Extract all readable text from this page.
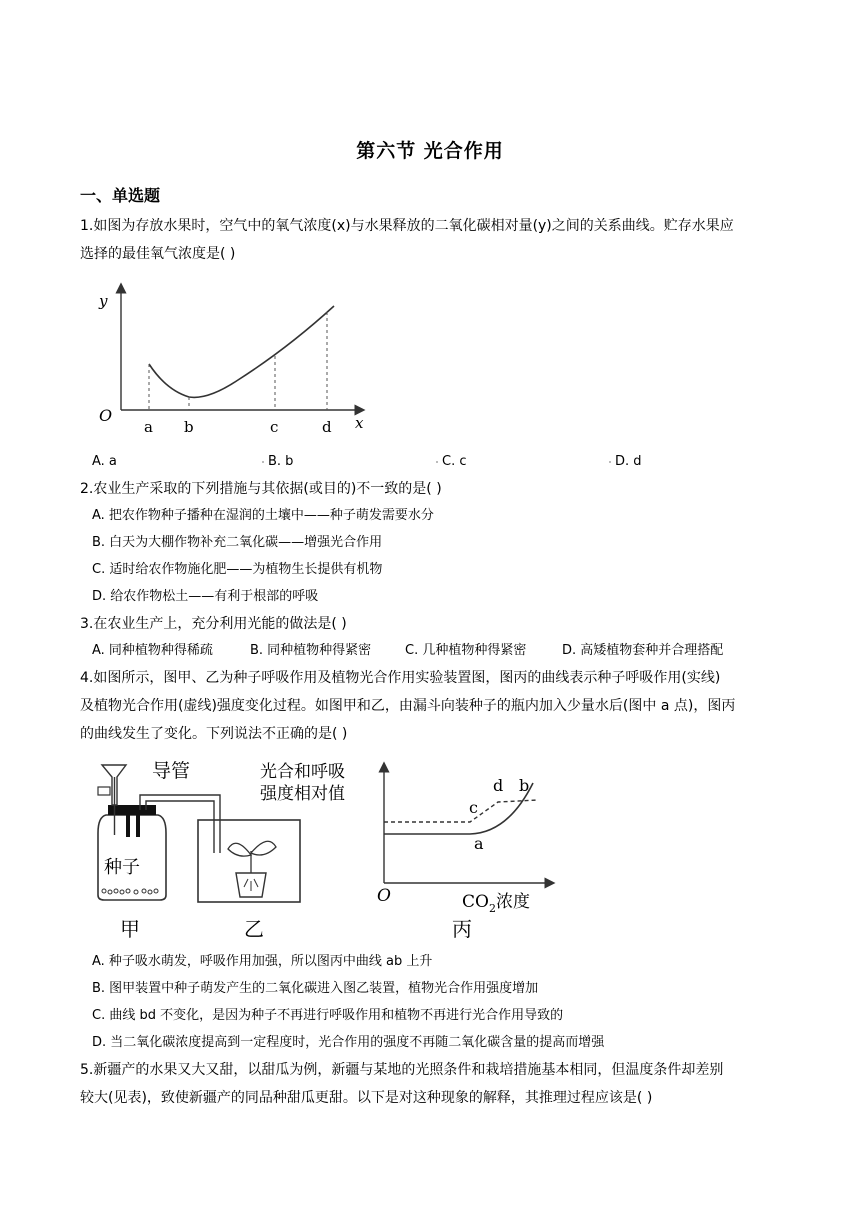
第六节 光合作用
一、单选题
1.如图为存放水果时，空气中的氧气浓度(x)与水果释放的二氧化碳相对量(y)之间的关系曲线。贮存水果应
选择的最佳氧气浓度是( )
y
O	x
a b	c	d
A. a	B. b	C. c	D. d
2.农业生产采取的下列措施与其依据(或目的)不一致的是( )
A. 把农作物种子播种在湿润的土壤中——种子萌发需要水分
B. 白天为大棚作物补充二氧化碳——增强光合作用
C. 适时给农作物施化肥——为植物生长提供有机物
D. 给农作物松土——有利于根部的呼吸
3.在农业生产上，充分利用光能的做法是( )
A. 同种植物种得稀疏	B. 同种植物种得紧密	C. 几种植物种得紧密	D. 高矮植物套种并合理搭配
4.如图所示，图甲、乙为种子呼吸作用及植物光合作用实验装置图，图丙的曲线表示种子呼吸作用(实线)
及植物光合作用(虚线)强度变化过程。如图甲和乙，由漏斗向装种子的瓶内加入少量水后(图中 a 点)，图丙
的曲线发生了变化。下列说法不正确的是( )
导管
种子
甲	乙
光合和呼吸
强度相对值
O
a
b
c
d
$CO_2$浓度
丙
A. 种子吸水萌发，呼吸作用加强，所以图丙中曲线 ab 上升
B. 图甲装置中种子萌发产生的二氧化碳进入图乙装置，植物光合作用强度增加
C. 曲线 bd 不变化，是因为种子不再进行呼吸作用和植物不再进行光合作用导致的
D. 当二氧化碳浓度提高到一定程度时，光合作用的强度不再随二氧化碳含量的提高而增强
5.新疆产的水果又大又甜，以甜瓜为例，新疆与某地的光照条件和栽培措施基本相同，但温度条件却差别
较大(见表)，致使新疆产的同品种甜瓜更甜。以下是对这种现象的解释，其推理过程应该是( )
